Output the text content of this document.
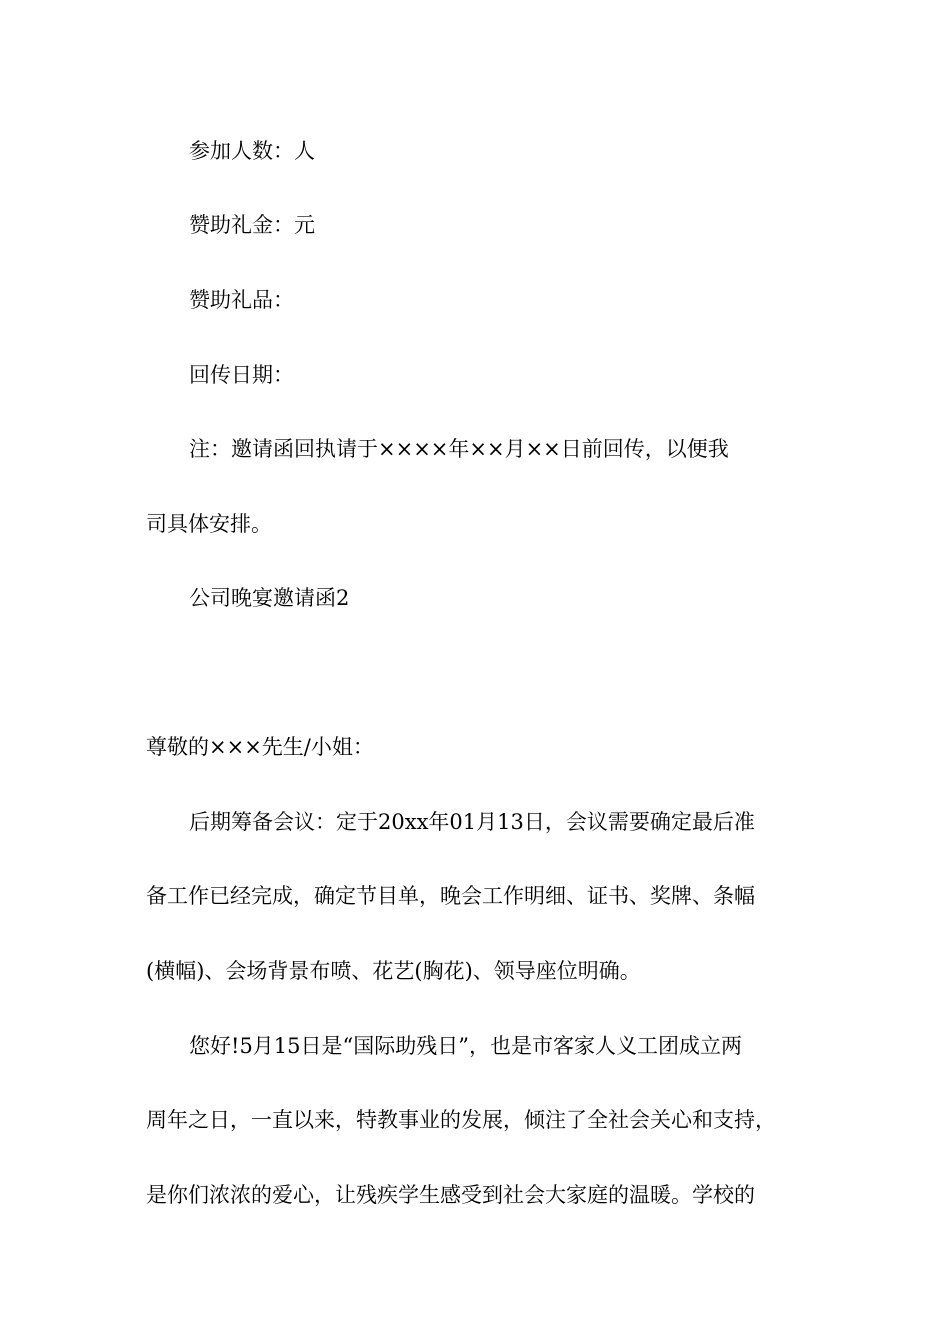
参加人数：人
赞助礼金：元
赞助礼品：
回传日期：
注：邀请函回执请于××××年××月××日前回传，以便我
司具体安排。
公司晚宴邀请函2
尊敬的×××先生/小姐：
后期筹备会议：定于20xx年01月13日，会议需要确定最后准
备工作已经完成，确定节目单，晚会工作明细、证书、奖牌、条幅
(横幅)、会场背景布喷、花艺(胸花)、领导座位明确。
您好!5月15日是“国际助残日”，也是市客家人义工团成立两
周年之日，一直以来，特教事业的发展，倾注了全社会关心和支持，
是你们浓浓的爱心，让残疾学生感受到社会大家庭的温暖。学校的
